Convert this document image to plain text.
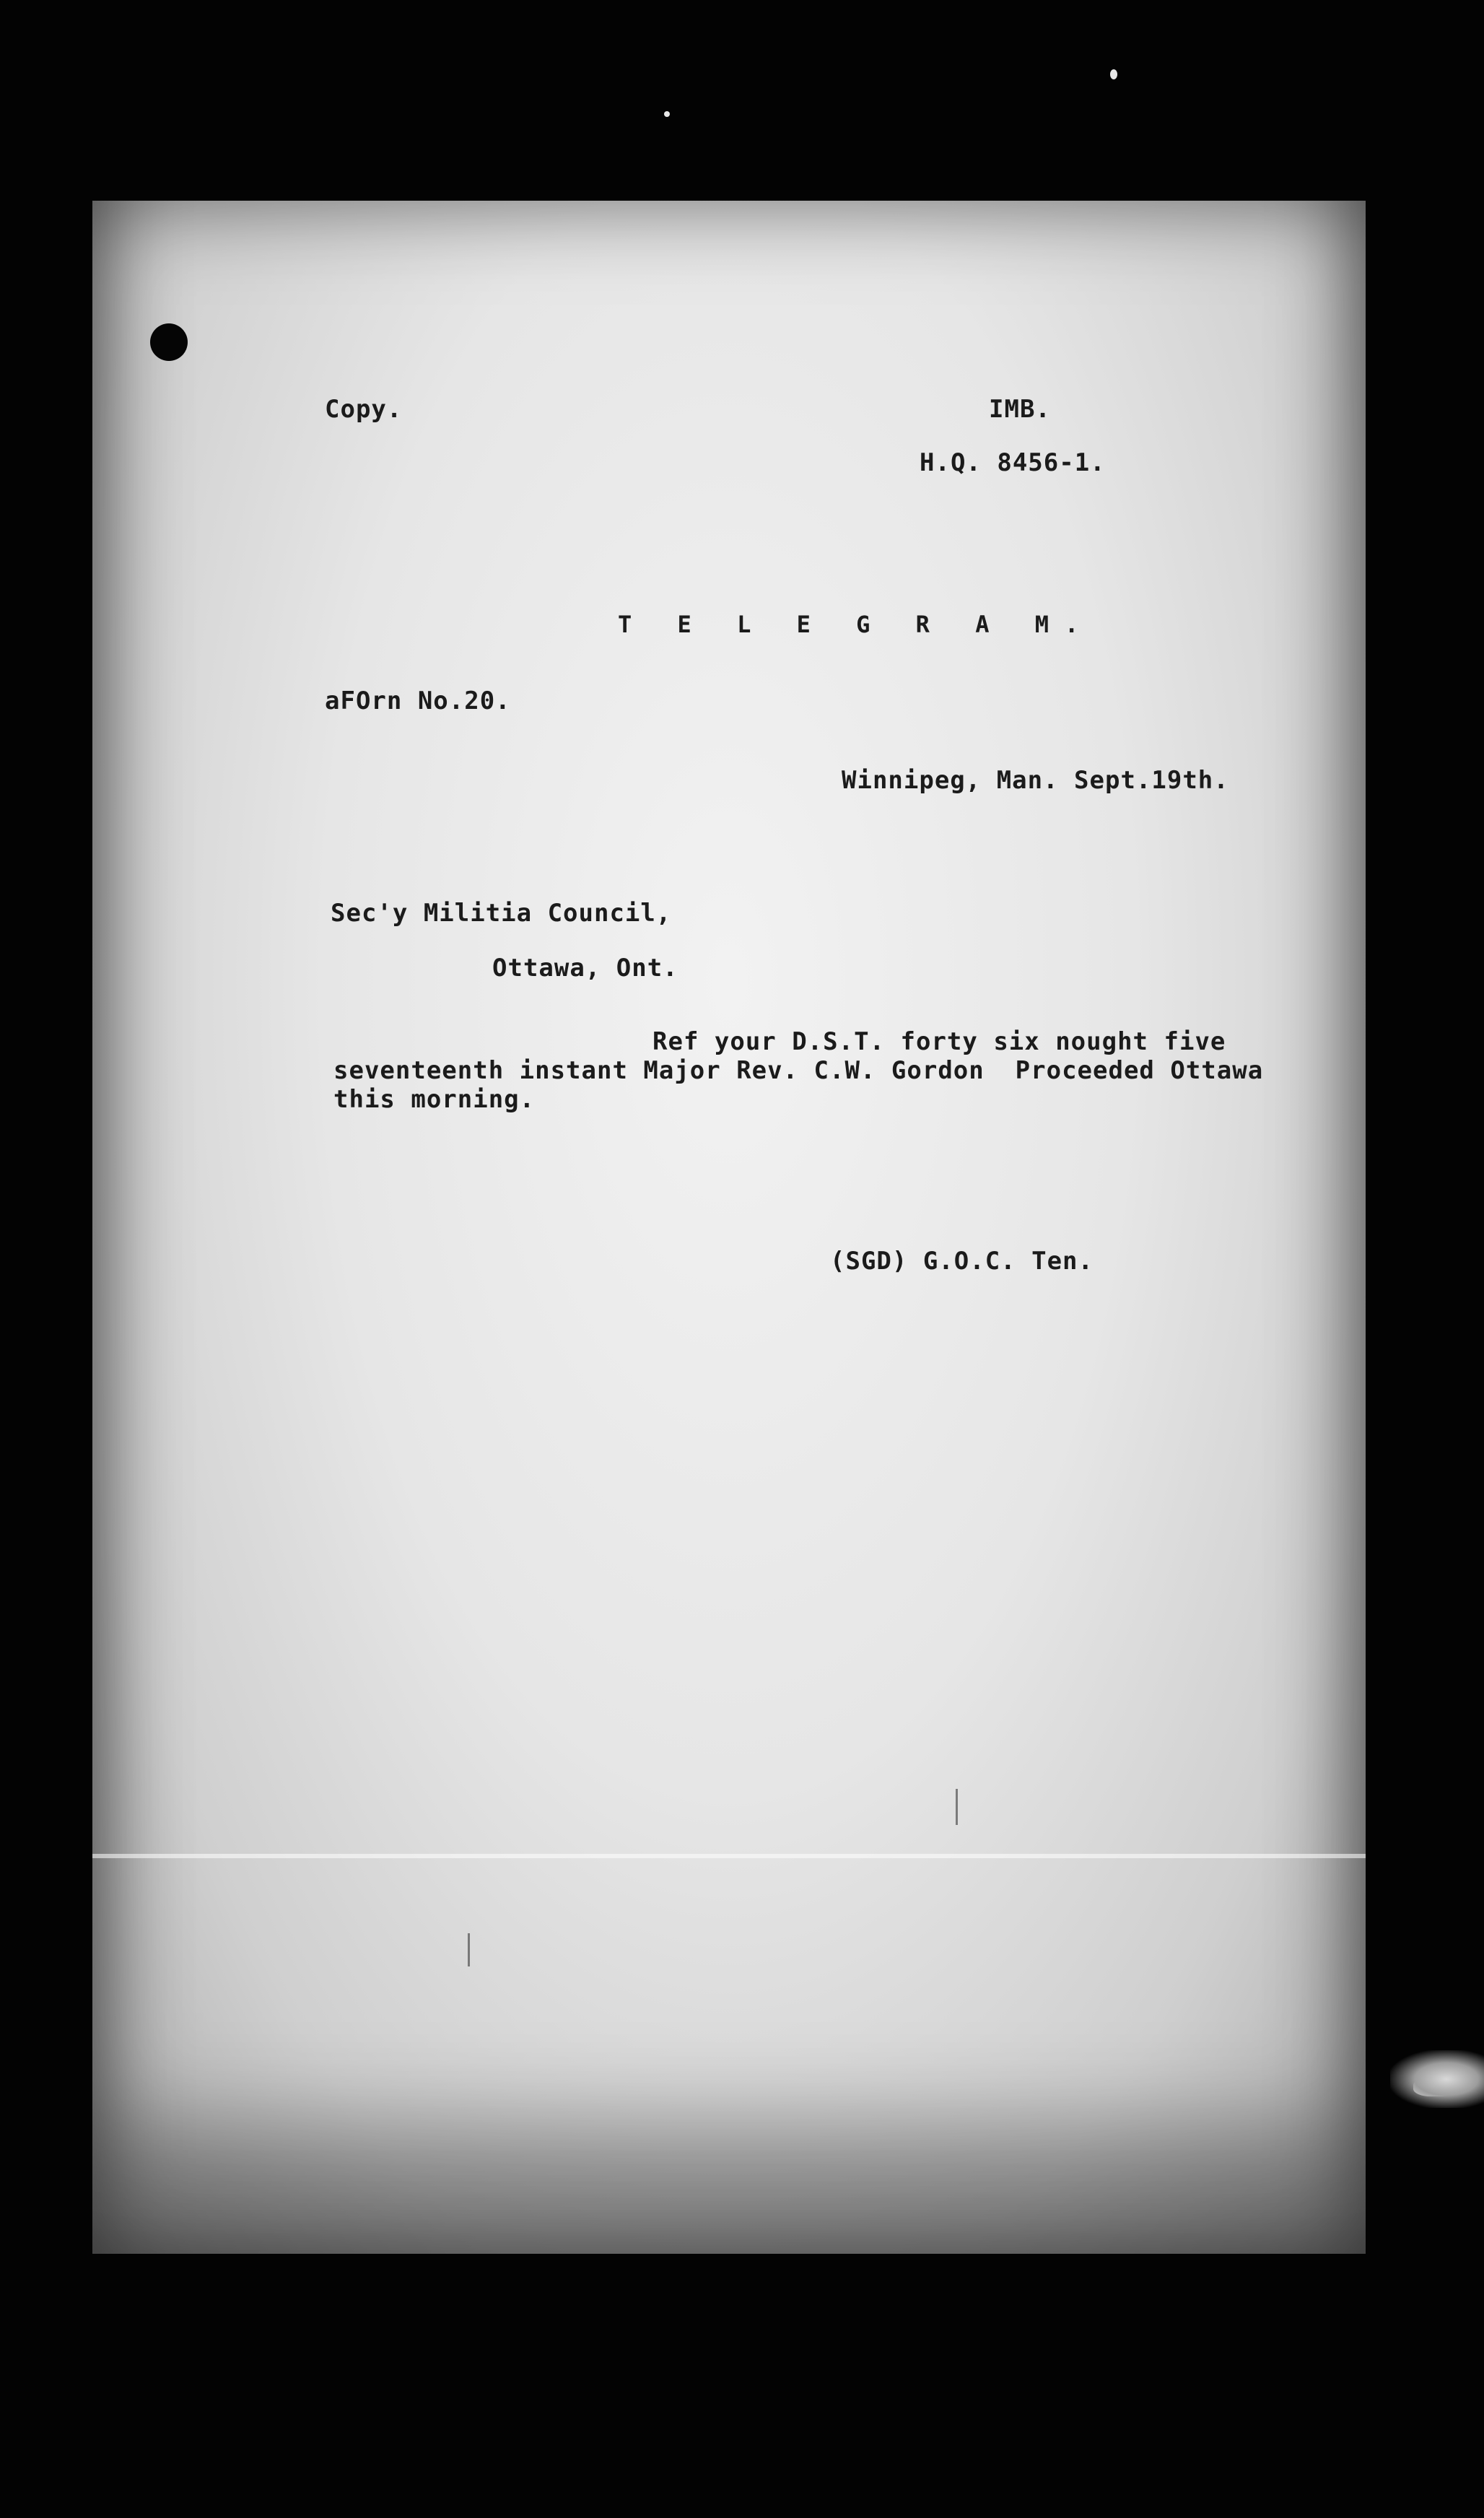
Copy.	IMB.
H.Q. 8456-1.
T E L E G R A M.
aFOrn No.20.
Winnipeg, Man. Sept.19th.
Sec'y Militia Council,
Ottawa, Ont.
Ref your D.S.T. forty six nought five
seventeenth instant Major Rev. C.W. Gordon  Proceeded Ottawa
this morning.
(SGD) G.O.C. Ten.
